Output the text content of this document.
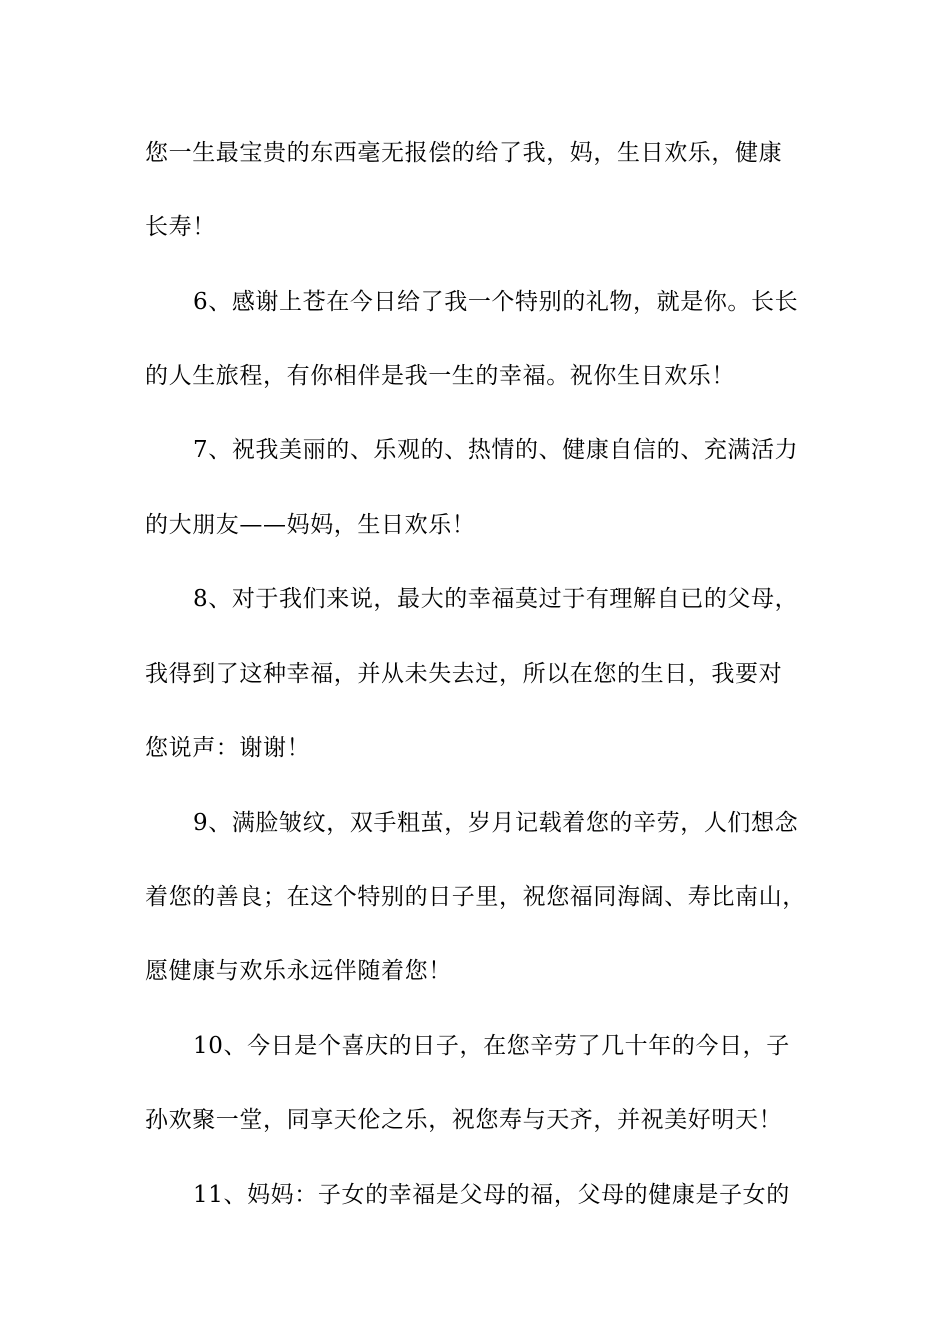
您一生最宝贵的东西毫无报偿的给了我，妈，生日欢乐，健康
长寿！
6、感谢上苍在今日给了我一个特别的礼物，就是你。长长
的人生旅程，有你相伴是我一生的幸福。祝你生日欢乐！
7、祝我美丽的、乐观的、热情的、健康自信的、充满活力
的大朋友——妈妈，生日欢乐！
8、对于我们来说，最大的幸福莫过于有理解自已的父母，
我得到了这种幸福，并从未失去过，所以在您的生日，我要对
您说声：谢谢！
9、满脸皱纹，双手粗茧，岁月记载着您的辛劳，人们想念
着您的善良；在这个特别的日子里，祝您福同海阔、寿比南山，
愿健康与欢乐永远伴随着您！
10、今日是个喜庆的日子，在您辛劳了几十年的今日，子
孙欢聚一堂，同享天伦之乐，祝您寿与天齐，并祝美好明天！
11、妈妈：子女的幸福是父母的福，父母的健康是子女的
